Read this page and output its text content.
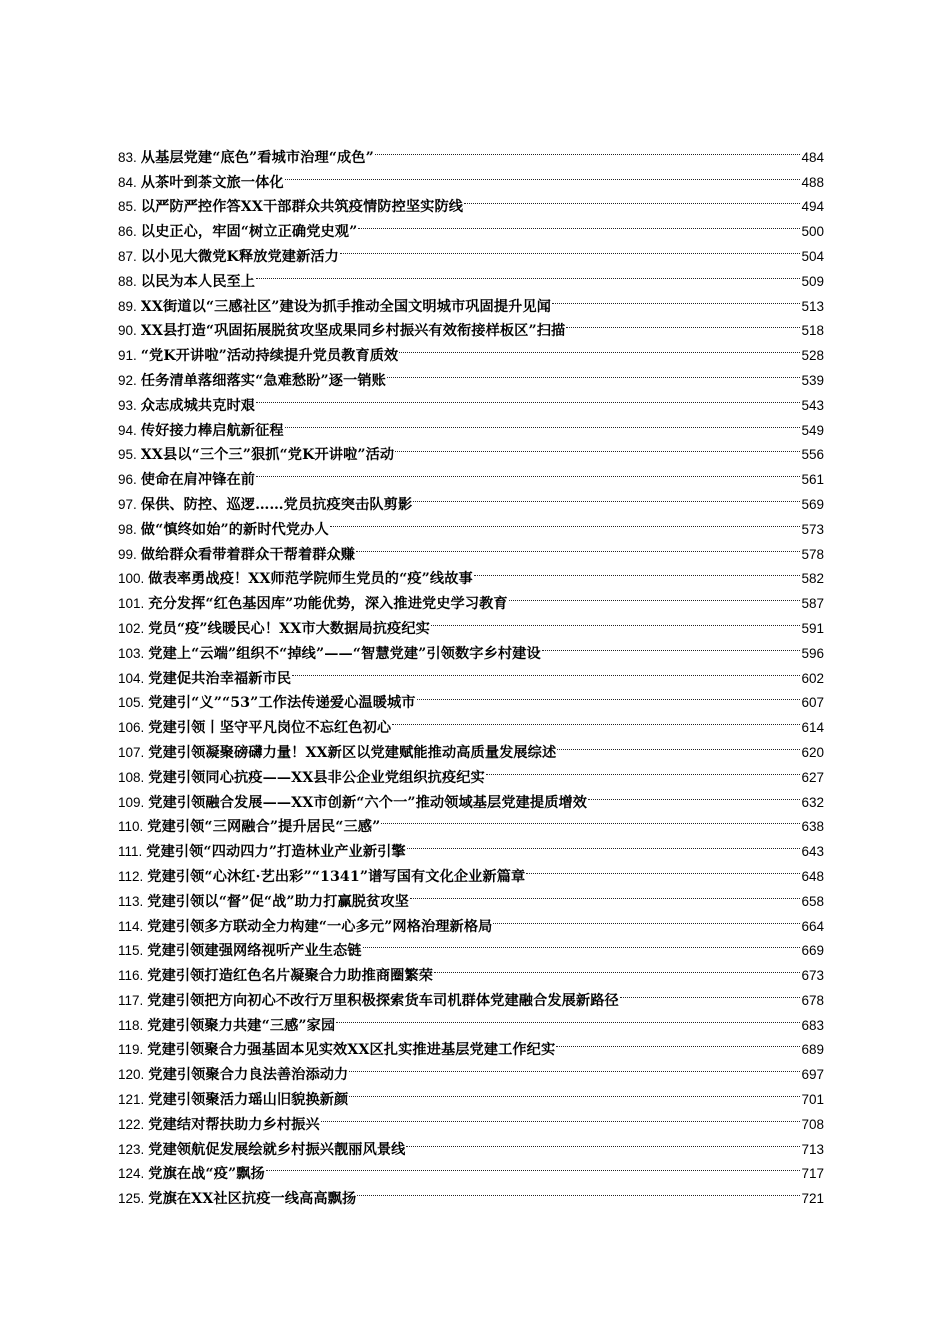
83. 从基层党建“底色”看城市治理“成色”	484
84. 从茶叶到茶文旅一体化	488
85. 以严防严控作答XX干部群众共筑疫情防控坚实防线	494
86. 以史正心，牢固“树立正确党史观”	500
87. 以小见大微党K释放党建新活力	504
88. 以民为本人民至上	509
89. XX街道以“三感社区”建设为抓手推动全国文明城市巩固提升见闻	513
90. XX县打造“巩固拓展脱贫攻坚成果同乡村振兴有效衔接样板区”扫描	518
91. “党K开讲啦”活动持续提升党员教育质效	528
92. 任务清单落细落实“急难愁盼”逐一销账	539
93. 众志成城共克时艰	543
94. 传好接力棒启航新征程	549
95. XX县以“三个三”狠抓“党K开讲啦”活动	556
96. 使命在肩冲锋在前	561
97. 保供、防控、巡逻……党员抗疫突击队剪影	569
98. 做“慎终如始”的新时代党办人	573
99. 做给群众看带着群众干帮着群众赚	578
100. 做表率勇战疫！XX师范学院师生党员的“疫”线故事	582
101. 充分发挥“红色基因库”功能优势，深入推进党史学习教育	587
102. 党员“疫”线暖民心！XX市大数据局抗疫纪实	591
103. 党建上“云端”组织不“掉线”——“智慧党建”引领数字乡村建设	596
104. 党建促共治幸福新市民	602
105. 党建引“义”“53”工作法传递爱心温暖城市	607
106. 党建引领丨坚守平凡岗位不忘红色初心	614
107. 党建引领凝聚磅礴力量！XX新区以党建赋能推动高质量发展综述	620
108. 党建引领同心抗疫——XX县非公企业党组织抗疫纪实	627
109. 党建引领融合发展——XX市创新“六个一”推动领域基层党建提质增效	632
110. 党建引领“三网融合”提升居民“三感”	638
111. 党建引领“四动四力”打造林业产业新引擎	643
112. 党建引领“心沐红·艺出彩”“1341”谱写国有文化企业新篇章	648
113. 党建引领以“督”促“战”助力打赢脱贫攻坚	658
114. 党建引领多方联动全力构建“一心多元”网格治理新格局	664
115. 党建引领建强网络视听产业生态链	669
116. 党建引领打造红色名片凝聚合力助推商圈繁荣	673
117. 党建引领把方向初心不改行万里积极探索货车司机群体党建融合发展新路径	678
118. 党建引领聚力共建“三感”家园	683
119. 党建引领聚合力强基固本见实效XX区扎实推进基层党建工作纪实	689
120. 党建引领聚合力良法善治添动力	697
121. 党建引领聚活力瑶山旧貌换新颜	701
122. 党建结对帮扶助力乡村振兴	708
123. 党建领航促发展绘就乡村振兴靓丽风景线	713
124. 党旗在战“疫”飘扬	717
125. 党旗在XX社区抗疫一线高高飘扬	721
